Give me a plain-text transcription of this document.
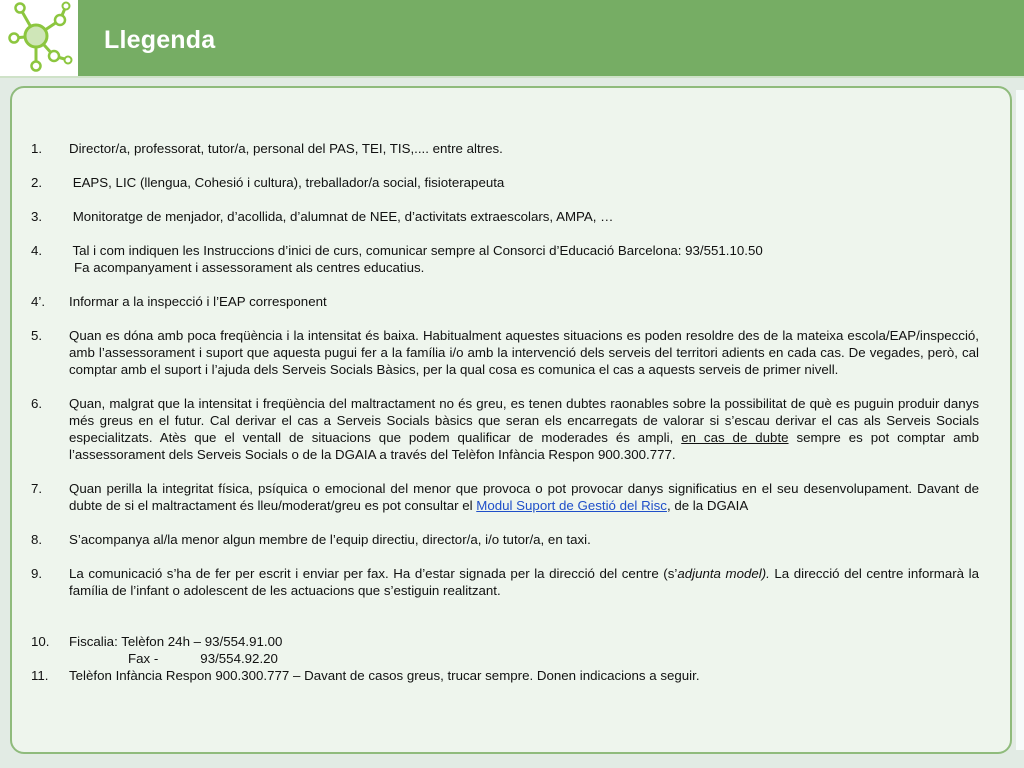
Llegenda
1.	Director/a, professorat, tutor/a, personal del PAS, TEI, TIS,.... entre altres.
2.	EAPS, LIC (llengua, Cohesió i cultura), treballador/a social, fisioterapeuta
3.	Monitoratge de menjador, d’acollida, d’alumnat de NEE, d’activitats extraescolars, AMPA, …
4.	Tal i com indiquen les Instruccions d’inici de curs, comunicar sempre al Consorci d’Educació Barcelona: 93/551.10.50
Fa acompanyament i assessorament als centres educatius.
4’.	Informar a la inspecció i l’EAP corresponent
5.	Quan es dóna amb poca freqüència i la intensitat és baixa. Habitualment aquestes situacions es poden resoldre des de la mateixa escola/EAP/inspecció, amb l’assessorament i suport que aquesta pugui fer a la família i/o amb la intervenció dels serveis del territori adients en cada cas. De vegades, però, cal comptar amb el suport i l’ajuda dels Serveis Socials Bàsics, per la qual cosa es comunica el cas a aquests serveis de primer nivell.
6.	Quan, malgrat que la intensitat i freqüència del maltractament no és greu, es tenen dubtes raonables sobre la possibilitat de què es puguin produir danys més greus en el futur. Cal derivar el cas a Serveis Socials bàsics que seran els encarregats de valorar si s’escau derivar el cas als Serveis Socials especialitzats. Atès que el ventall de situacions que podem qualificar de moderades és ampli, en cas de dubte sempre es pot comptar amb l’assessorament dels Serveis Socials o de la DGAIA a través del Telèfon Infància Respon 900.300.777.
7.	Quan perilla la integritat física, psíquica o emocional del menor que provoca o pot provocar danys significatius en el seu desenvolupament. Davant de dubte de si el maltractament és lleu/moderat/greu es pot consultar el Modul Suport de Gestió del Risc, de la DGAIA
8.	S’acompanya al/la menor algun membre de l’equip directiu, director/a, i/o tutor/a, en taxi.
9.	La comunicació s’ha de fer per escrit i enviar per fax. Ha d’estar signada per la direcció del centre (s’adjunta model). La direcció del centre informarà la família de l’infant o adolescent de les actuacions que s’estiguin realitzant.
10.	Fiscalia: Telèfon 24h – 93/554.91.00
Fax -	93/554.92.20
11.	Telèfon Infància Respon 900.300.777 – Davant de casos greus, trucar sempre. Donen indicacions a seguir.
